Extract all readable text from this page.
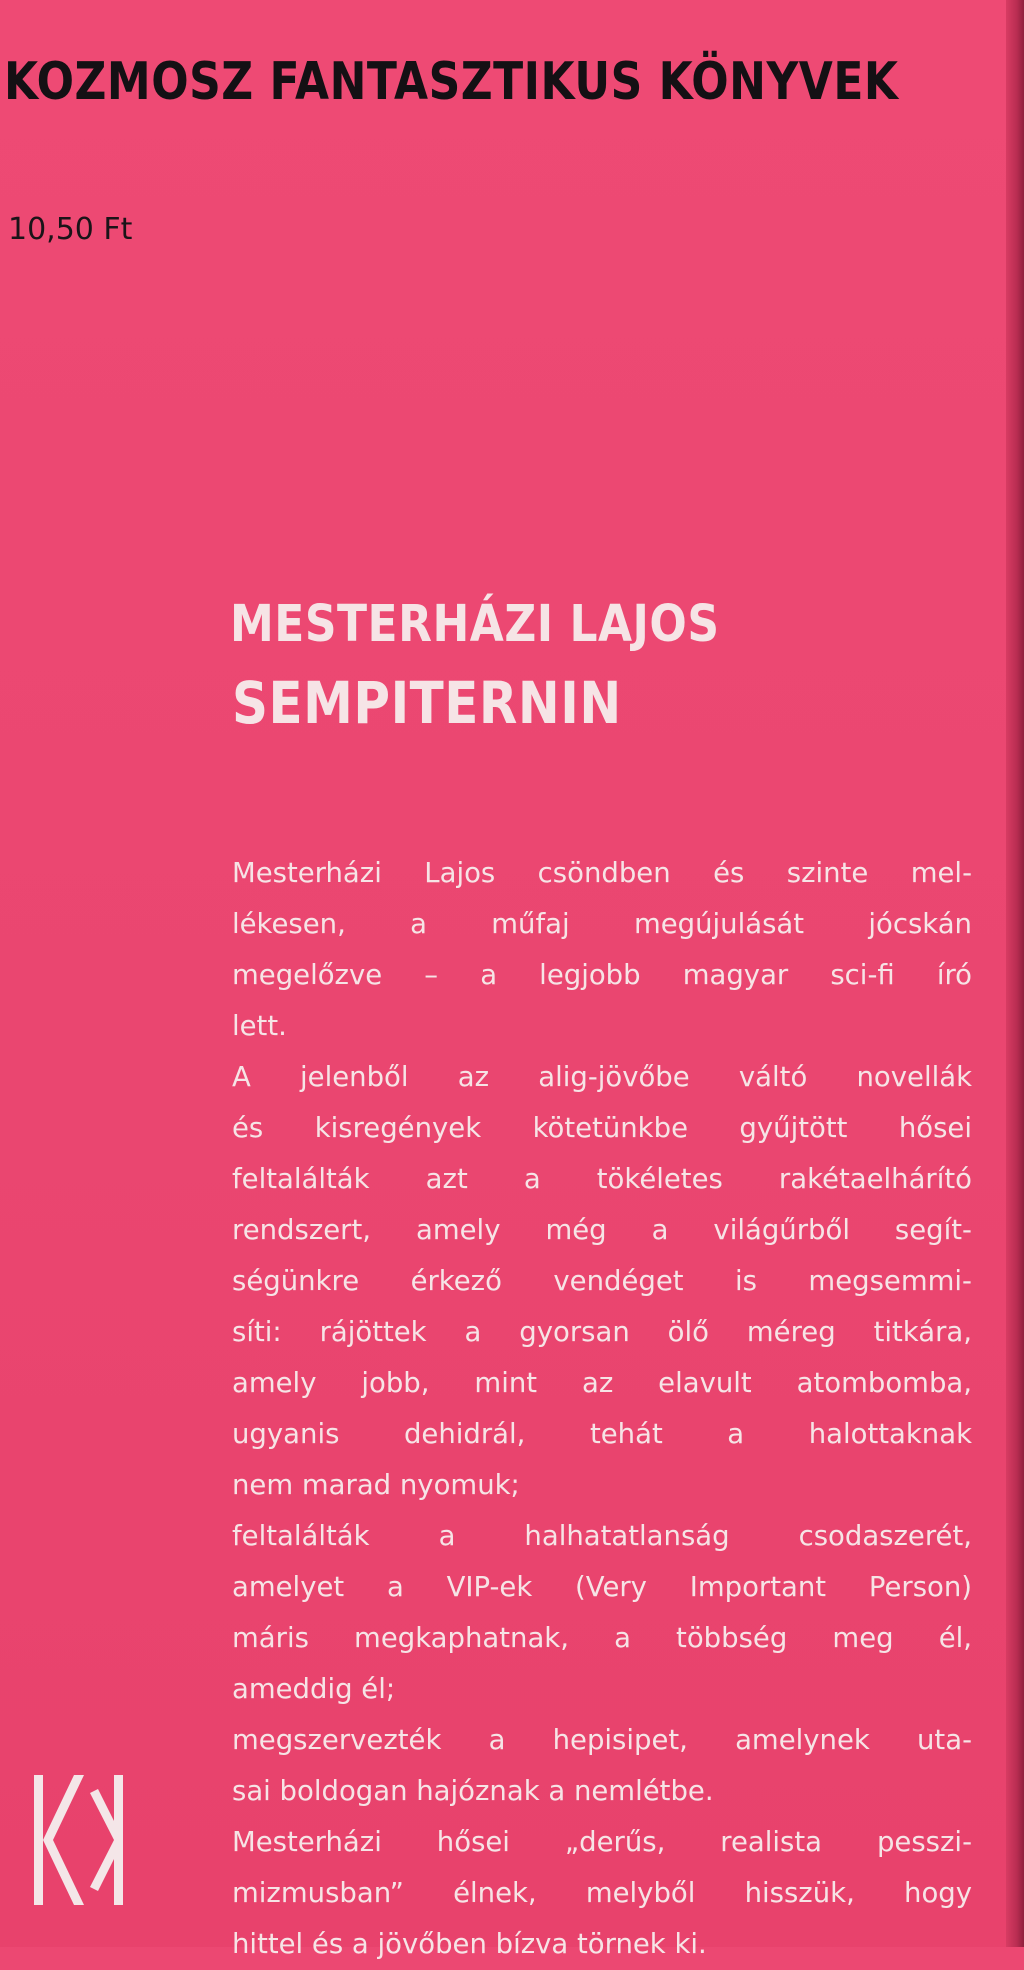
KOZMOSZ FANTASZTIKUS KÖNYVEK
10,50 Ft
MESTERHÁZI LAJOS
SEMPITERNIN
Mesterházi Lajos csöndben és szinte mel-
lékesen, a műfaj megújulását jócskán
megelőzve – a legjobb magyar sci-fi író
lett.
A jelenből az alig-jövőbe váltó novellák
és kisregények kötetünkbe gyűjtött hősei
feltalálták azt a tökéletes rakétaelhárító
rendszert, amely még a világűrből segít-
ségünkre érkező vendéget is megsemmi-
síti: rájöttek a gyorsan ölő méreg titkára,
amely jobb, mint az elavult atombomba,
ugyanis dehidrál, tehát a halottaknak
nem marad nyomuk;
feltalálták a halhatatlanság csodaszerét,
amelyet a VIP-ek (Very Important Person)
máris megkaphatnak, a többség meg él,
ameddig él;
megszervezték a hepisipet, amelynek uta-
sai boldogan hajóznak a nemlétbe.
Mesterházi hősei „derűs, realista pesszi-
mizmusban” élnek, melyből hisszük, hogy
hittel és a jövőben bízva törnek ki.
